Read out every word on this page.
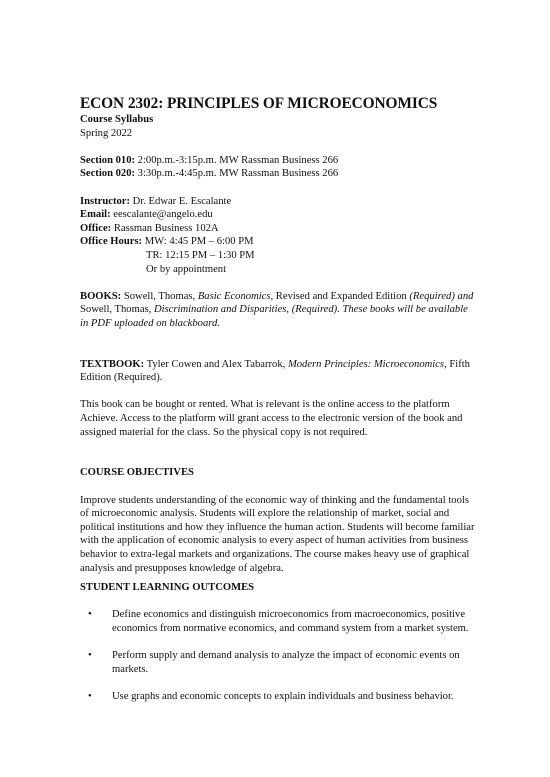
ECON 2302: PRINCIPLES OF MICROECONOMICS
Course Syllabus
Spring 2022
Section 010: 2:00p.m.-3:15p.m. MW Rassman Business 266
Section 020: 3:30p.m.-4:45p.m. MW Rassman Business 266
Instructor: Dr. Edwar E. Escalante
Email: eescalante@angelo.edu
Office: Rassman Business 102A
Office Hours: MW: 4:45 PM – 6:00 PM
TR: 12:15 PM – 1:30 PM
Or by appointment

BOOKS: Sowell, Thomas, Basic Economics, Revised and Expanded Edition (Required) and Sowell, Thomas, Discrimination and Disparities, (Required). These books will be available in PDF uploaded on blackboard.

TEXTBOOK: Tyler Cowen and Alex Tabarrok, Modern Principles: Microeconomics, Fifth Edition (Required).

This book can be bought or rented. What is relevant is the online access to the platform Achieve. Access to the platform will grant access to the electronic version of the book and assigned material for the class. So the physical copy is not required.

COURSE OBJECTIVES

Improve students understanding of the economic way of thinking and the fundamental tools of microeconomic analysis. Students will explore the relationship of market, social and political institutions and how they influence the human action. Students will become familiar with the application of economic analysis to every aspect of human activities from business behavior to extra-legal markets and organizations. The course makes heavy use of graphical analysis and presupposes knowledge of algebra.

STUDENT LEARNING OUTCOMES
• Define economics and distinguish microeconomics from macroeconomics, positive economics from normative economics, and command system from a market system.
• Perform supply and demand analysis to analyze the impact of economic events on markets.
• Use graphs and economic concepts to explain individuals and business behavior.
